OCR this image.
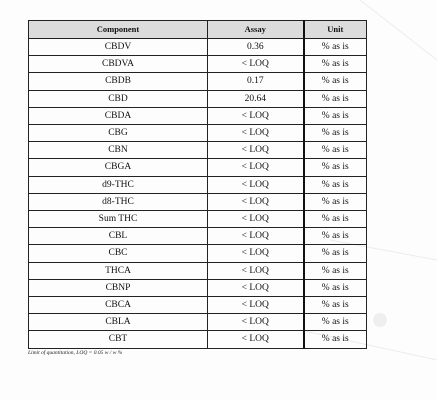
Component	Assay	Unit
CBDV	0.36	% as is
CBDVA	< LOQ	% as is
CBDB	0.17	% as is
CBD	20.64	% as is
CBDA	< LOQ	% as is
CBG	< LOQ	% as is
CBN	< LOQ	% as is
CBGA	< LOQ	% as is
d9-THC	< LOQ	% as is
d8-THC	< LOQ	% as is
Sum THC	< LOQ	% as is
CBL	< LOQ	% as is
CBC	< LOQ	% as is
THCA	< LOQ	% as is
CBNP	< LOQ	% as is
CBCA	< LOQ	% as is
CBLA	< LOQ	% as is
CBT	< LOQ	% as is
Limit of quantitation, LOQ = 0.05 w / w %
